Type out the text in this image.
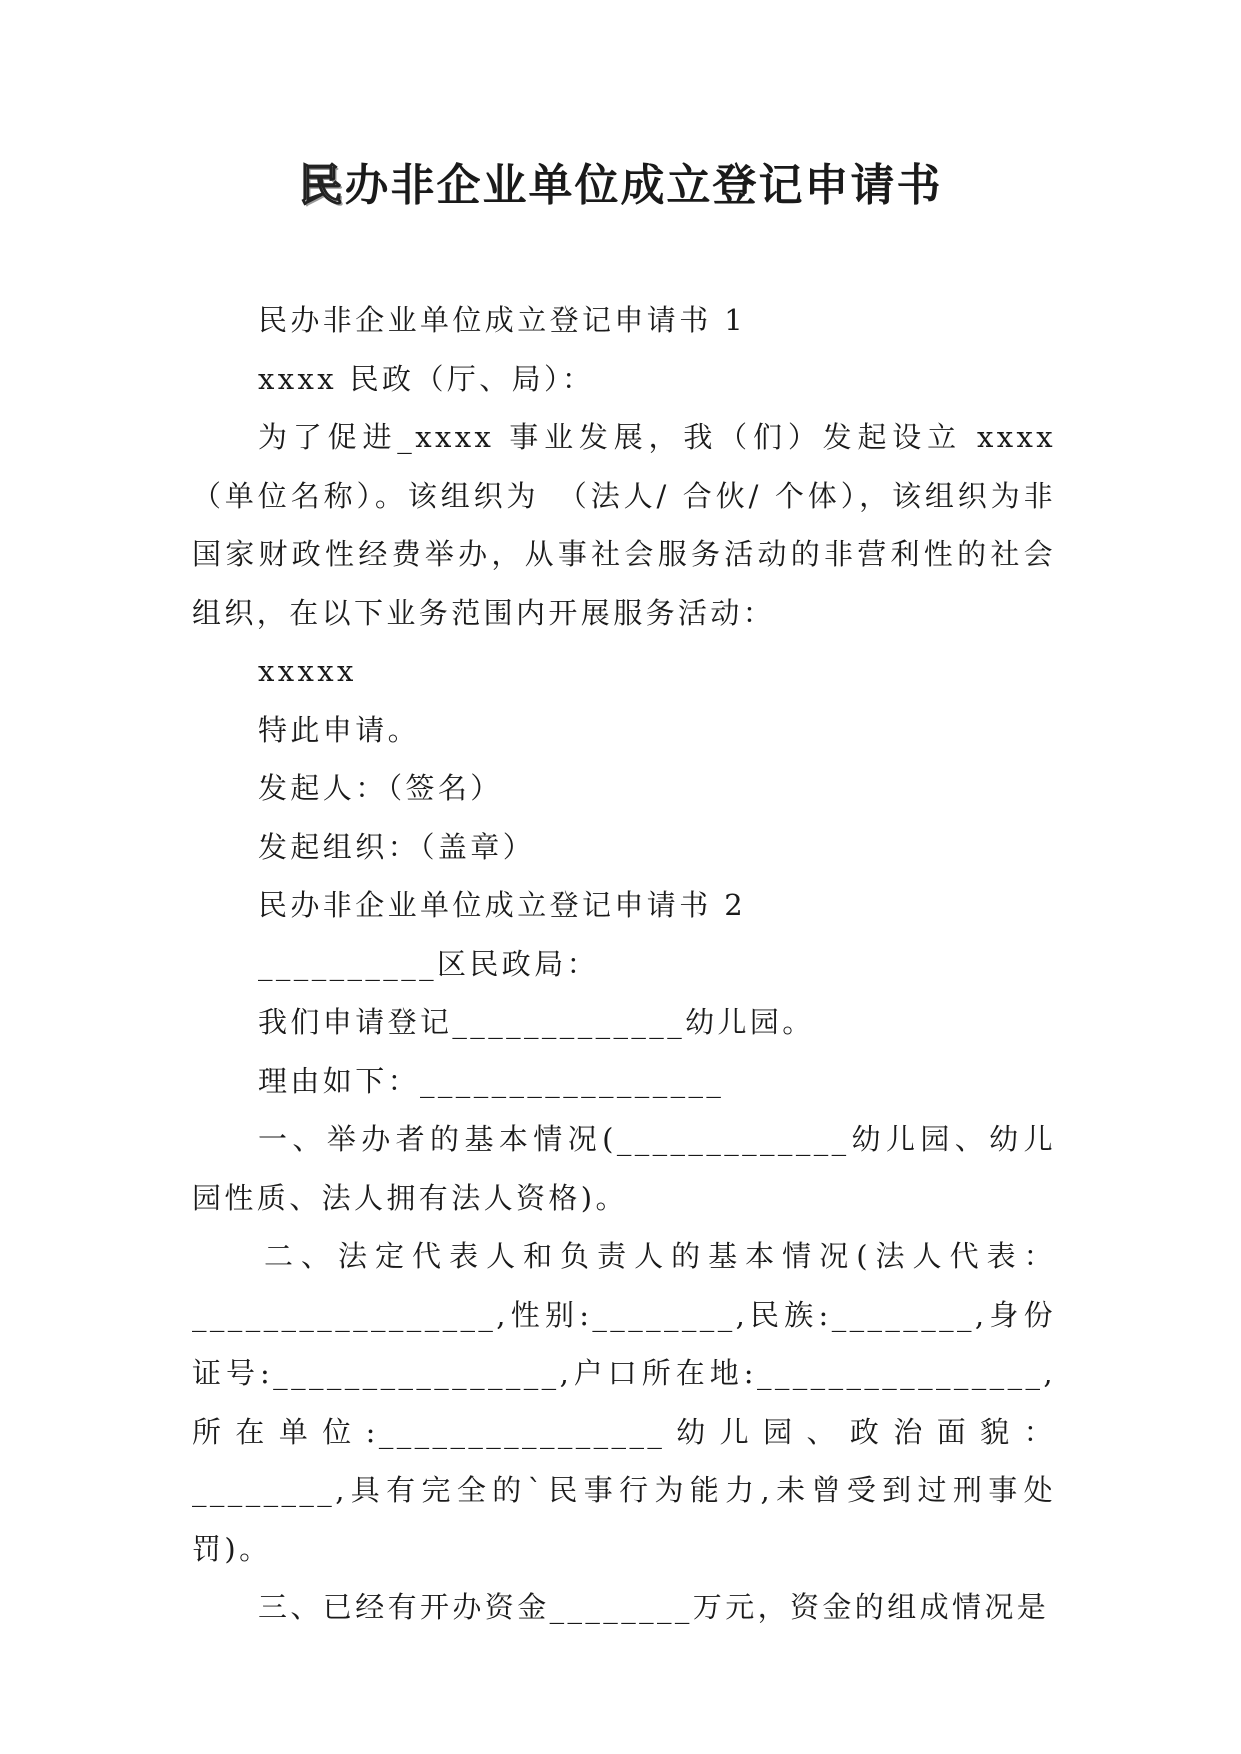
民办非企业单位成立登记申请书

民办非企业单位成立登记申请书 1

xxxx 民政（厅、局）：

为了促进_xxxx 事业发展，我（们）发起设立 xxxx（单位名称）。该组织为　（法人/ 合伙/ 个体），该组织为非国家财政性经费举办，从事社会服务活动的非营利性的社会组织，在以下业务范围内开展服务活动：

xxxxx

特此申请。

发起人：（签名）

发起组织：（盖章）

民办非企业单位成立登记申请书 2

__________区民政局：

我们申请登记_____________幼儿园。

理由如下：_________________

一、举办者的基本情况(_____________幼儿园、幼儿园性质、法人拥有法人资格)。

二、法定代表人和负责人的基本情况(法人代表：_________________,性别:________,民族:________,身份证号:________________,户口所在地:________________,所在单位:________________幼儿园、政治面貌：________,具有完全的`民事行为能力,未曾受到过刑事处罚)。

三、已经有开办资金________万元，资金的组成情况是
